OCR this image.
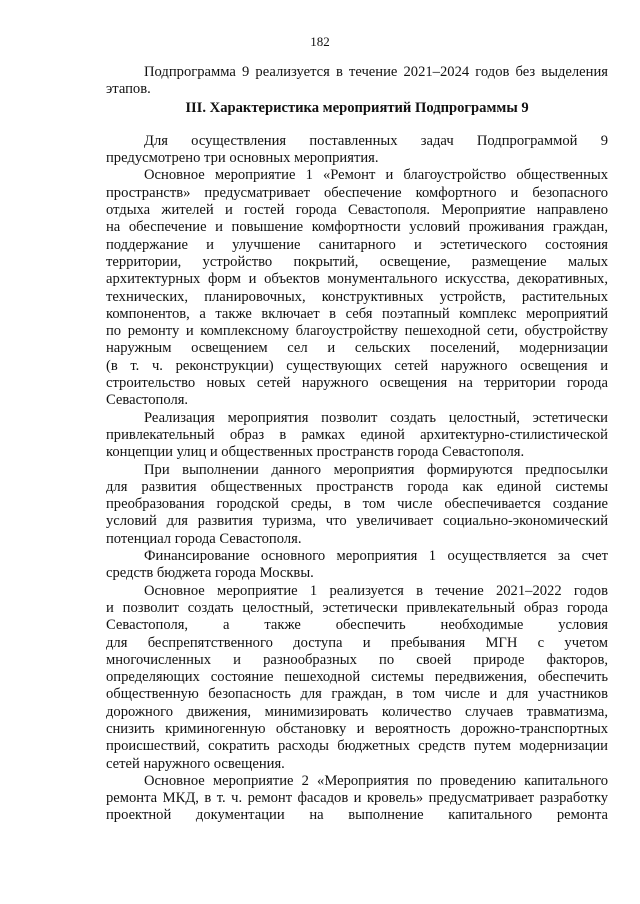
182
Подпрограмма 9 реализуется в течение 2021–2024 годов без выделения
этапов.
III. Характеристика мероприятий Подпрограммы 9
Для осуществления поставленных задач Подпрограммой 9
предусмотрено три основных мероприятия.
Основное мероприятие 1 «Ремонт и благоустройство общественных
пространств» предусматривает обеспечение комфортного и безопасного
отдыха жителей и гостей города Севастополя. Мероприятие направлено
на обеспечение и повышение комфортности условий проживания граждан,
поддержание и улучшение санитарного и эстетического состояния
территории, устройство покрытий, освещение, размещение малых
архитектурных форм и объектов монументального искусства, декоративных,
технических, планировочных, конструктивных устройств, растительных
компонентов, а также включает в себя поэтапный комплекс мероприятий
по ремонту и комплексному благоустройству пешеходной сети, обустройству
наружным освещением сел и сельских поселений, модернизации
(в т. ч. реконструкции) существующих сетей наружного освещения и
строительство новых сетей наружного освещения на территории города
Севастополя.
Реализация мероприятия позволит создать целостный, эстетически
привлекательный образ в рамках единой архитектурно-стилистической
концепции улиц и общественных пространств города Севастополя.
При выполнении данного мероприятия формируются предпосылки
для развития общественных пространств города как единой системы
преобразования городской среды, в том числе обеспечивается создание
условий для развития туризма, что увеличивает социально-экономический
потенциал города Севастополя.
Финансирование основного мероприятия 1 осуществляется за счет
средств бюджета города Москвы.
Основное мероприятие 1 реализуется в течение 2021–2022 годов
и позволит создать целостный, эстетически привлекательный образ города
Севастополя, а также обеспечить необходимые условия
для беспрепятственного доступа и пребывания МГН с учетом
многочисленных и разнообразных по своей природе факторов,
определяющих состояние пешеходной системы передвижения, обеспечить
общественную безопасность для граждан, в том числе и для участников
дорожного движения, минимизировать количество случаев травматизма,
снизить криминогенную обстановку и вероятность дорожно-транспортных
происшествий, сократить расходы бюджетных средств путем модернизации
сетей наружного освещения.
Основное мероприятие 2 «Мероприятия по проведению капитального
ремонта МКД, в т. ч. ремонт фасадов и кровель» предусматривает разработку
проектной документации на выполнение капитального ремонта
